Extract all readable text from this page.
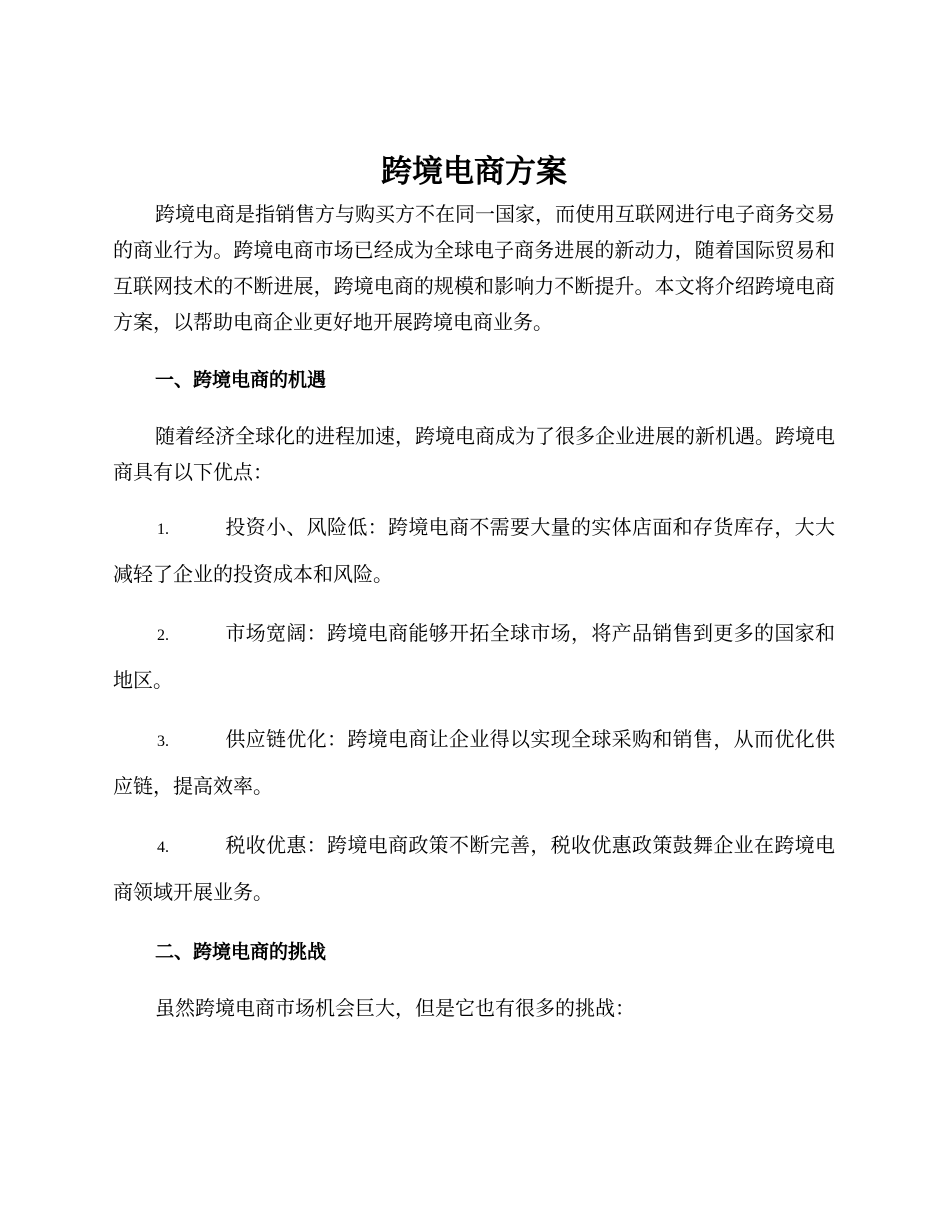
跨境电商方案

跨境电商是指销售方与购买方不在同一国家，而使用互联网进行电子商务交易的商业行为。跨境电商市场已经成为全球电子商务进展的新动力，随着国际贸易和互联网技术的不断进展，跨境电商的规模和影响力不断提升。本文将介绍跨境电商方案，以帮助电商企业更好地开展跨境电商业务。

一、跨境电商的机遇

随着经济全球化的进程加速，跨境电商成为了很多企业进展的新机遇。跨境电商具有以下优点：

1.	投资小、风险低：跨境电商不需要大量的实体店面和存货库存，大大减轻了企业的投资成本和风险。

2.	市场宽阔：跨境电商能够开拓全球市场，将产品销售到更多的国家和地区。

3.	供应链优化：跨境电商让企业得以实现全球采购和销售，从而优化供应链，提高效率。

4.	税收优惠：跨境电商政策不断完善，税收优惠政策鼓舞企业在跨境电商领域开展业务。

二、跨境电商的挑战

虽然跨境电商市场机会巨大，但是它也有很多的挑战：
